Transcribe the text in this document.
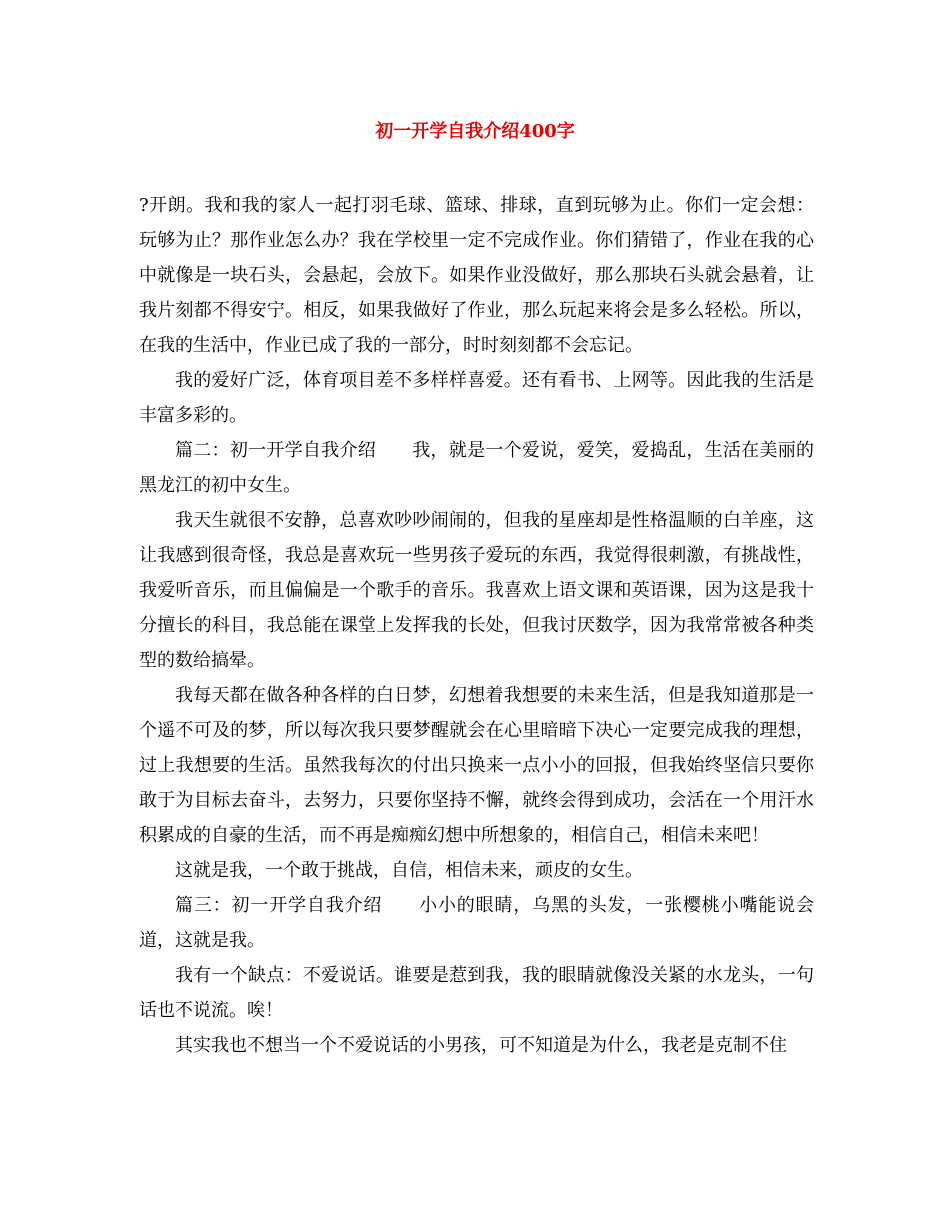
初一开学自我介绍400字

?开朗。我和我的家人一起打羽毛球、篮球、排球，直到玩够为止。你们一定会想：玩够为止？那作业怎么办？我在学校里一定不完成作业。你们猜错了，作业在我的心中就像是一块石头，会悬起，会放下。如果作业没做好，那么那块石头就会悬着，让我片刻都不得安宁。相反，如果我做好了作业，那么玩起来将会是多么轻松。所以，在我的生活中，作业已成了我的一部分，时时刻刻都不会忘记。

我的爱好广泛，体育项目差不多样样喜爱。还有看书、上网等。因此我的生活是丰富多彩的。

篇二：初一开学自我介绍 我，就是一个爱说，爱笑，爱捣乱，生活在美丽的黑龙江的初中女生。

我天生就很不安静，总喜欢吵吵闹闹的，但我的星座却是性格温顺的白羊座，这让我感到很奇怪，我总是喜欢玩一些男孩子爱玩的东西，我觉得很刺激，有挑战性，我爱听音乐，而且偏偏是一个歌手的音乐。我喜欢上语文课和英语课，因为这是我十分擅长的科目，我总能在课堂上发挥我的长处，但我讨厌数学，因为我常常被各种类型的数给搞晕。

我每天都在做各种各样的白日梦，幻想着我想要的未来生活，但是我知道那是一个遥不可及的梦，所以每次我只要梦醒就会在心里暗暗下决心一定要完成我的理想，过上我想要的生活。虽然我每次的付出只换来一点小小的回报，但我始终坚信只要你敢于为目标去奋斗，去努力，只要你坚持不懈，就终会得到成功，会活在一个用汗水积累成的自豪的生活，而不再是痴痴幻想中所想象的，相信自己，相信未来吧！

这就是我，一个敢于挑战，自信，相信未来，顽皮的女生。

篇三：初一开学自我介绍 小小的眼睛，乌黑的头发，一张樱桃小嘴能说会道，这就是我。

我有一个缺点：不爱说话。谁要是惹到我，我的眼睛就像没关紧的水龙头，一句话也不说流。唉！

其实我也不想当一个不爱说话的小男孩，可不知道是为什么，我老是克制不住
